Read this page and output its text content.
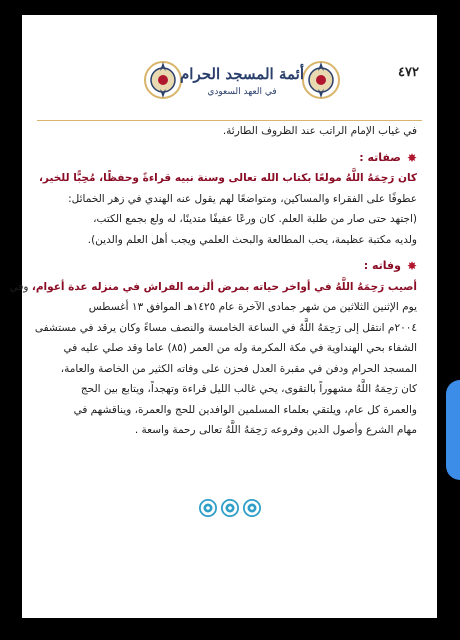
٤٧٢
أئمة المسجد الحرام
في العهد السعودي
في غياب الإمام الراتب عند الظروف الطارئة.
✸
صفاته :
كان رَحِمَهُ اللَّهُ مولعًا بكتاب الله تعالى وسنة نبيه قراءةً وحفظًا، مُحِبًّا للخير،
عطوفًا على الفقراء والمساكين، ومتواضعًا لهم يقول عنه الهندي في زهر الخمائل:
(اجتهد حتى صار من طلبة العلم. كان ورعًا عفيفًا متدينًا، له ولع بجمع الكتب،
ولديه مكتبة عظيمة، يحب المطالعة والبحث العلمي ويجب أهل العلم والدين).
✸
وفاته :
أصيب رَحِمَهُ اللَّهُ في أواخر حياته بمرض ألزمه الفراش في منزله عدة أعوام، وفي
يوم الإثنين الثلاثين من شهر جمادى الآخرة عام ١٤٢٥هـ الموافق ١٣ أغسطس
٢٠٠٤م انتقل إلى رَحِمَهُ اللَّهُ في الساعة الخامسة والنصف مساءً وكان يرقد في مستشفى
الشفاء بحي الهنداوية في مكة المكرمة وله من العمر (٨٥) عاما وقد صلي عليه في
المسجد الحرام ودفن في مقبرة العدل فحزن على وفاته الكثير من الخاصة والعامة،
كان رَحِمَهُ اللَّهُ مشهوراً بالتقوى، يحي غالب الليل قراءة وتهجداً، ويتابع بين الحج
والعمرة كل عام، ويلتقي بعلماء المسلمين الوافدين للحج والعمرة، ويناقشهم في
مهام الشرع وأصول الدين وفروعه رَحِمَهُ اللَّهُ تعالى رحمة واسعة .
